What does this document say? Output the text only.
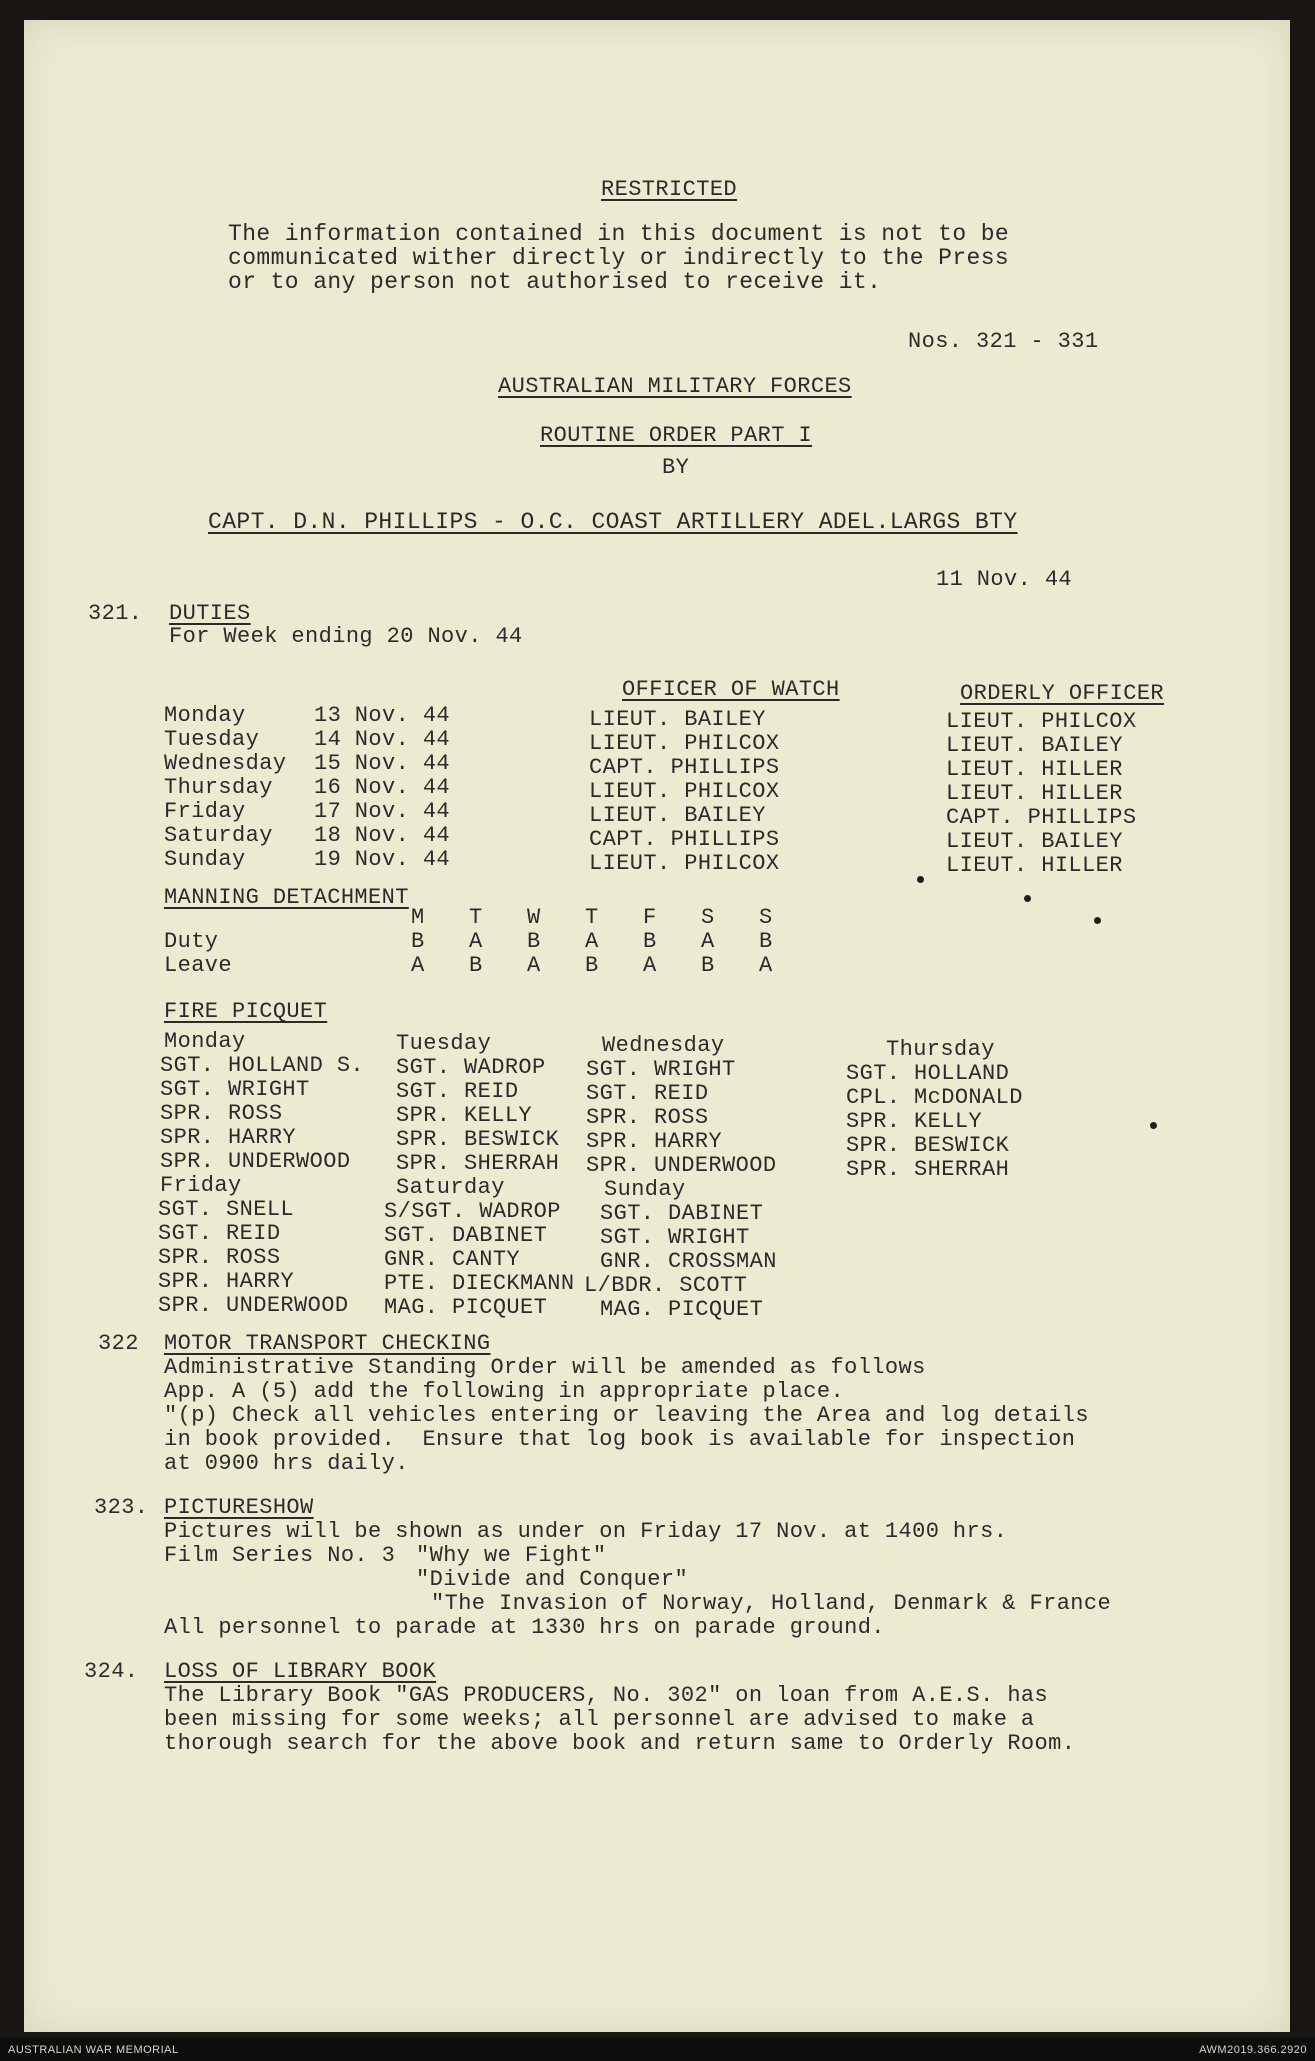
RESTRICTED
The information contained in this document is not to be
communicated wither directly or indirectly to the Press
or to any person not authorised to receive it.
Nos. 321 - 331
AUSTRALIAN MILITARY FORCES
ROUTINE ORDER PART I
BY
CAPT. D.N. PHILLIPS - O.C. COAST ARTILLERY ADEL.LARGS BTY
11 Nov. 44
321. DUTIES
For Week ending 20 Nov. 44
OFFICER OF WATCH	ORDERLY OFFICER
Monday	13 Nov. 44	LIEUT. BAILEY	LIEUT. PHILCOX
Tuesday 14 Nov. 44	LIEUT. PHILCOX	LIEUT. BAILEY
Wednesday 15 Nov. 44	CAPT. PHILLIPS	LIEUT. HILLER
Thursday 16 Nov. 44	LIEUT. PHILCOX	LIEUT. HILLER
Friday	17 Nov. 44	LIEUT. BAILEY	CAPT. PHILLIPS
Saturday 18 Nov. 44	CAPT. PHILLIPS	LIEUT. BAILEY
Sunday	19 Nov. 44	LIEUT. PHILCOX	LIEUT. HILLER
MANNING DETACHMENT
M T W T F S S
Duty	B A B A B A B
Leave	A B A B A B A
FIRE PICQUET
Monday
SGT. HOLLAND S.
SGT. WRIGHT
SPR. ROSS
SPR. HARRY
SPR. UNDERWOOD
Tuesday
SGT. WADROP
SGT. REID
SPR. KELLY
SPR. BESWICK
SPR. SHERRAH
Wednesday
SGT. WRIGHT
SGT. REID
SPR. ROSS
SPR. HARRY
SPR. UNDERWOOD
Thursday
SGT. HOLLAND
CPL. McDONALD
SPR. KELLY
SPR. BESWICK
SPR. SHERRAH
Friday
SGT. SNELL
SGT. REID
SPR. ROSS
SPR. HARRY
SPR. UNDERWOOD
Saturday
S/SGT. WADROP
SGT. DABINET
GNR. CANTY
PTE. DIECKMANN
MAG. PICQUET
Sunday
SGT. DABINET
SGT. WRIGHT
GNR. CROSSMAN
L/BDR. SCOTT
MAG. PICQUET
322 MOTOR TRANSPORT CHECKING
Administrative Standing Order will be amended as follows
App. A (5) add the following in appropriate place.
"(p) Check all vehicles entering or leaving the Area and log details
in book provided.  Ensure that log book is available for inspection
at 0900 hrs daily.
323. PICTURESHOW
Pictures will be shown as under on Friday 17 Nov. at 1400 hrs.
Film Series No. 3 "Why we Fight"
"Divide and Conquer"
"The Invasion of Norway, Holland, Denmark & France
All personnel to parade at 1330 hrs on parade ground.
324. LOSS OF LIBRARY BOOK
The Library Book "GAS PRODUCERS, No. 302" on loan from A.E.S. has
been missing for some weeks; all personnel are advised to make a
thorough search for the above book and return same to Orderly Room.
AUSTRALIAN WAR MEMORIAL	AWM2019.366.2920
